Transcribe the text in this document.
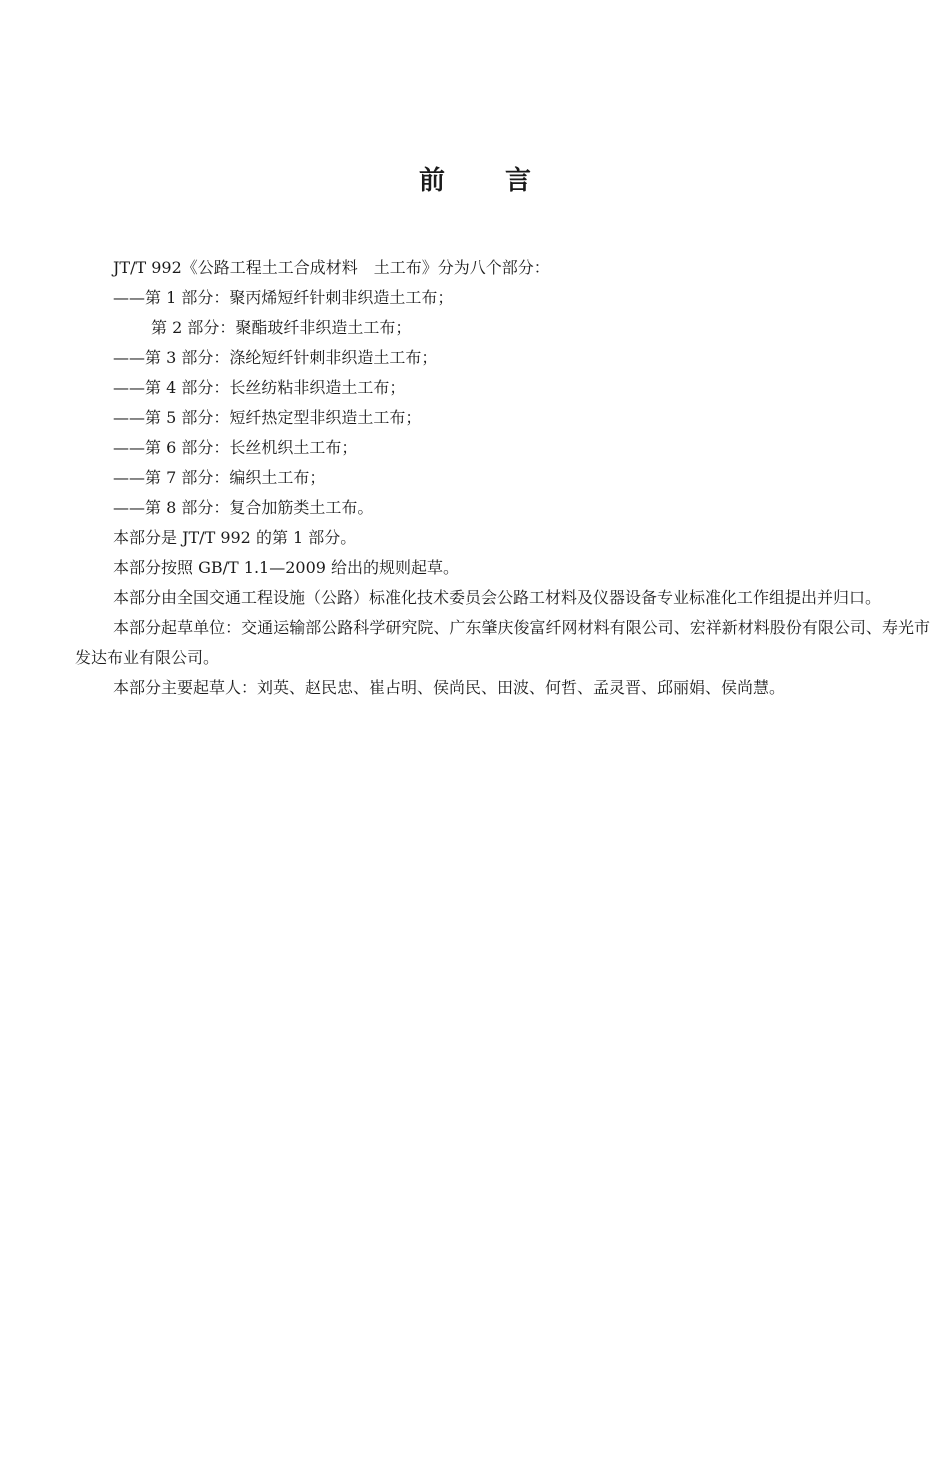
前 言
JT/T 992《公路工程土工合成材料　土工布》分为八个部分：
——第 1 部分：聚丙烯短纤针刺非织造土工布；
第 2 部分：聚酯玻纤非织造土工布；
——第 3 部分：涤纶短纤针刺非织造土工布；
——第 4 部分：长丝纺粘非织造土工布；
——第 5 部分：短纤热定型非织造土工布；
——第 6 部分：长丝机织土工布；
——第 7 部分：编织土工布；
——第 8 部分：复合加筋类土工布。
本部分是 JT/T 992 的第 1 部分。
本部分按照 GB/T 1.1—2009 给出的规则起草。
本部分由全国交通工程设施（公路）标准化技术委员会公路工材料及仪器设备专业标准化工作组提出并归口。
本部分起草单位：交通运输部公路科学研究院、广东肇庆俊富纤网材料有限公司、宏祥新材料股份有限公司、寿光市发达布业有限公司。
本部分主要起草人：刘英、赵民忠、崔占明、侯尚民、田波、何哲、孟灵晋、邱丽娟、侯尚慧。
